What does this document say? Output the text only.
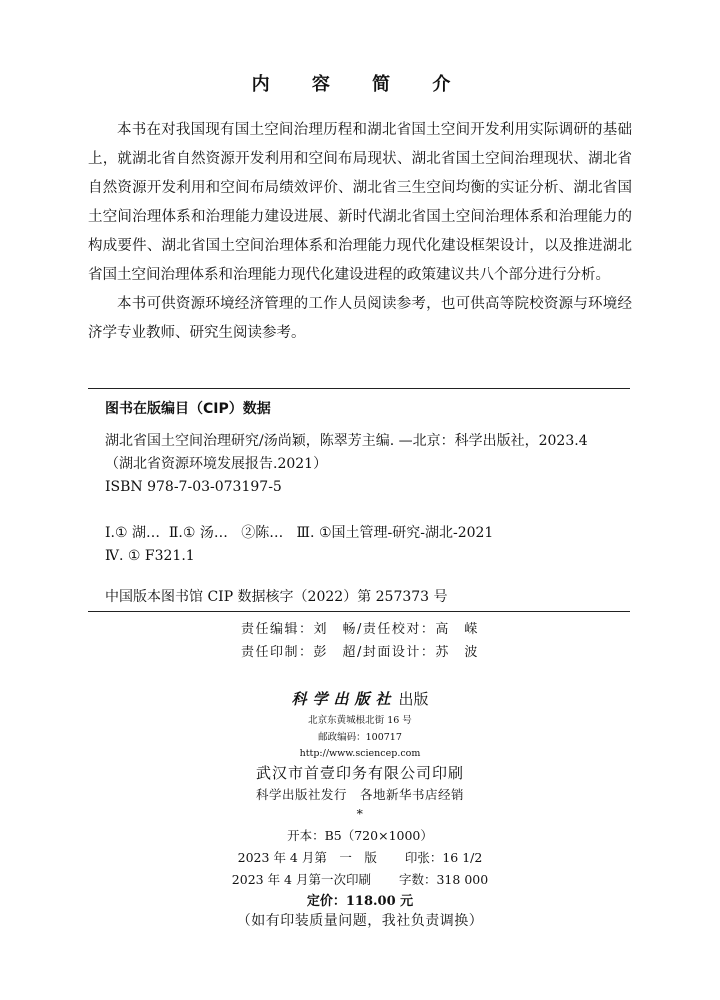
内 容 简 介

本书在对我国现有国土空间治理历程和湖北省国土空间开发利用实际调研的基础上，就湖北省自然资源开发利用和空间布局现状、湖北省国土空间治理现状、湖北省自然资源开发利用和空间布局绩效评价、湖北省三生空间均衡的实证分析、湖北省国土空间治理体系和治理能力建设进展、新时代湖北省国土空间治理体系和治理能力的构成要件、湖北省国土空间治理体系和治理能力现代化建设框架设计，以及推进湖北省国土空间治理体系和治理能力现代化建设进程的政策建议共八个部分进行分析。

本书可供资源环境经济管理的工作人员阅读参考，也可供高等院校资源与环境经济学专业教师、研究生阅读参考。

图书在版编目（CIP）数据
湖北省国土空间治理研究/汤尚颖，陈翠芳主编. —北京：科学出版社，2023.4
（湖北省资源环境发展报告.2021）
ISBN 978-7-03-073197-5
Ⅰ.① 湖…  Ⅱ.① 汤…   ②陈…   Ⅲ. ①国土管理-研究-湖北-2021
Ⅳ. ① F321.1
中国版本图书馆 CIP 数据核字（2022）第 257373 号
责任编辑：刘　畅/责任校对：高　嵘
责任印制：彭　超/封面设计：苏　波
科学出版社 出版
北京东黄城根北街 16 号
邮政编码：100717
http://www.sciencep.com
武汉市首壹印务有限公司印刷
科学出版社发行　各地新华书店经销
*
开本：B5（720×1000）
2023 年 4 月第　一　版 印张：16 1/2
2023 年 4 月第一次印刷 字数：318 000
定价：118.00 元
（如有印装质量问题，我社负责调换）
